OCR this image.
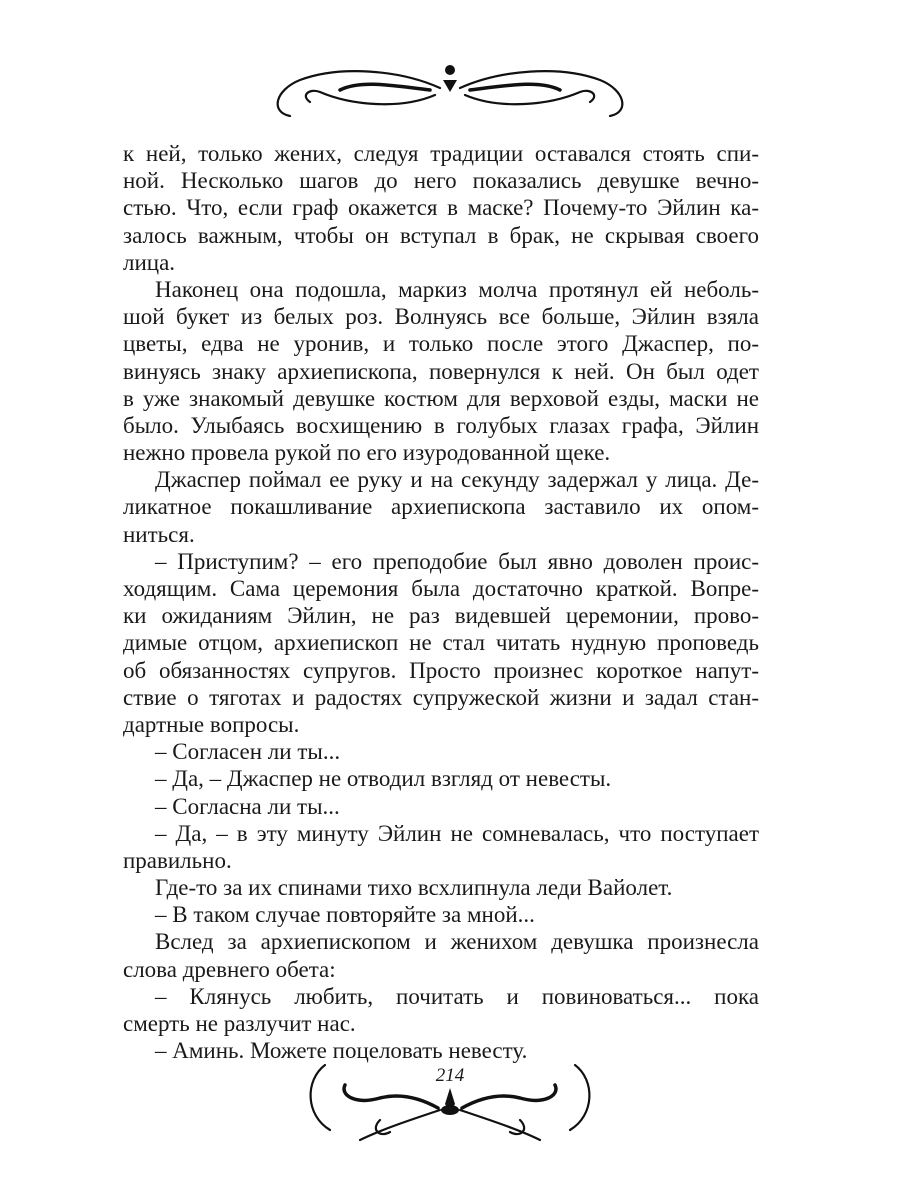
214
к ней, только жених, следуя традиции оставался стоять спи-
ной. Несколько шагов до него показались девушке вечно-
стью. Что, если граф окажется в маске? Почему-то Эйлин ка-
залось важным, чтобы он вступал в брак, не скрывая своего
лица.
Наконец она подошла, маркиз молча протянул ей неболь-
шой букет из белых роз. Волнуясь все больше, Эйлин взяла
цветы, едва не уронив, и только после этого Джаспер, по-
винуясь знаку архиепископа, повернулся к ней. Он был одет
в уже знакомый девушке костюм для верховой езды, маски не
было. Улыбаясь восхищению в голубых глазах графа, Эйлин
нежно провела рукой по его изуродованной щеке.
Джаспер поймал ее руку и на секунду задержал у лица. Де-
ликатное покашливание архиепископа заставило их опом-
ниться.
– Приступим? – его преподобие был явно доволен проис-
ходящим. Сама церемония была достаточно краткой. Вопре-
ки ожиданиям Эйлин, не раз видевшей церемонии, прово-
димые отцом, архиепископ не стал читать нудную проповедь
об обязанностях супругов. Просто произнес короткое напут-
ствие о тяготах и радостях супружеской жизни и задал стан-
дартные вопросы.
– Согласен ли ты...
– Да, – Джаспер не отводил взгляд от невесты.
– Согласна ли ты...
– Да, – в эту минуту Эйлин не сомневалась, что поступает
правильно.
Где-то за их спинами тихо всхлипнула леди Вайолет.
– В таком случае повторяйте за мной...
Вслед за архиепископом и женихом девушка произнесла
слова древнего обета:
– Клянусь любить, почитать и повиноваться... пока
смерть не разлучит нас.
– Аминь. Можете поцеловать невесту.
